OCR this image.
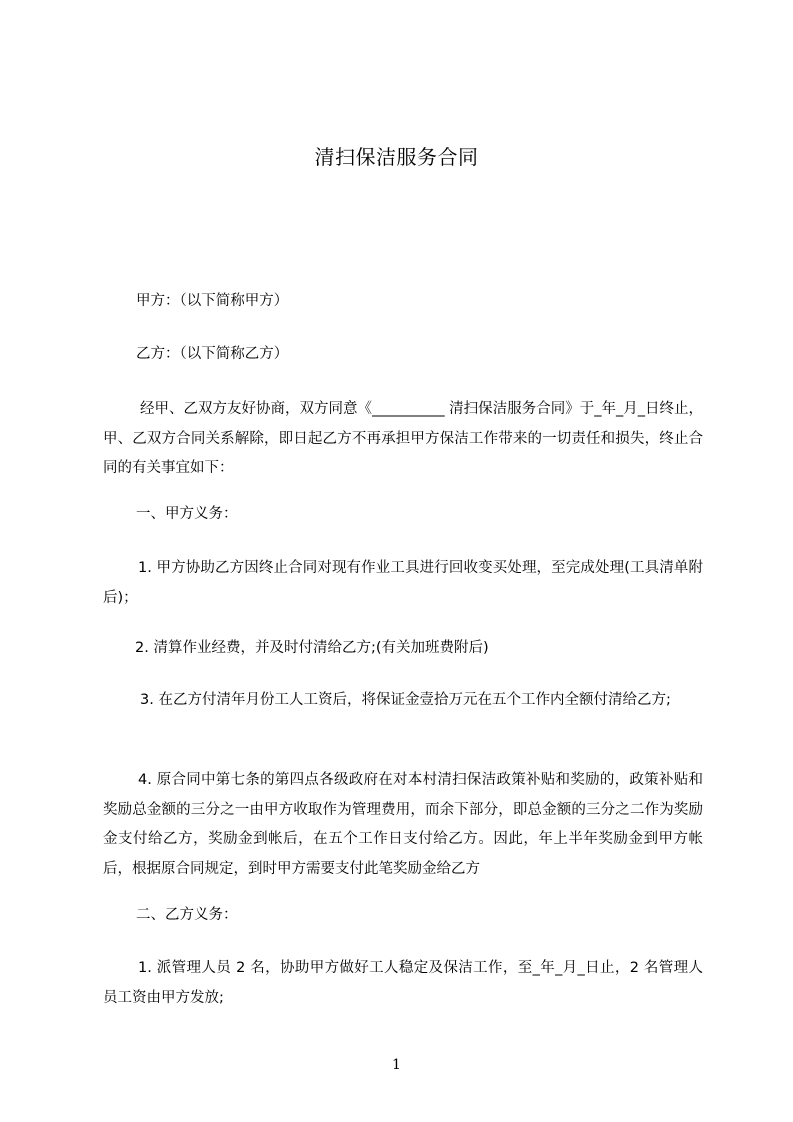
清扫保洁服务合同
甲方：（以下简称甲方）
乙方：（以下简称乙方）
经甲、乙双方友好协商，双方同意《__________ 清扫保洁服务合同》于_年_月_日终止，甲、乙双方合同关系解除，即日起乙方不再承担甲方保洁工作带来的一切责任和损失，终止合同的有关事宜如下：
一、甲方义务：
1. 甲方协助乙方因终止合同对现有作业工具进行回收变买处理，至完成处理(工具清单附后)；
2. 清算作业经费，并及时付清给乙方;(有关加班费附后)
3. 在乙方付清年月份工人工资后，将保证金壹拾万元在五个工作内全额付清给乙方;
4. 原合同中第七条的第四点各级政府在对本村清扫保洁政策补贴和奖励的，政策补贴和奖励总金额的三分之一由甲方收取作为管理费用，而余下部分，即总金额的三分之二作为奖励金支付给乙方，奖励金到帐后，在五个工作日支付给乙方。因此，年上半年奖励金到甲方帐后，根据原合同规定，到时甲方需要支付此笔奖励金给乙方
二、乙方义务：
1. 派管理人员 2 名，协助甲方做好工人稳定及保洁工作，至_年_月_日止，2 名管理人员工资由甲方发放;
1
